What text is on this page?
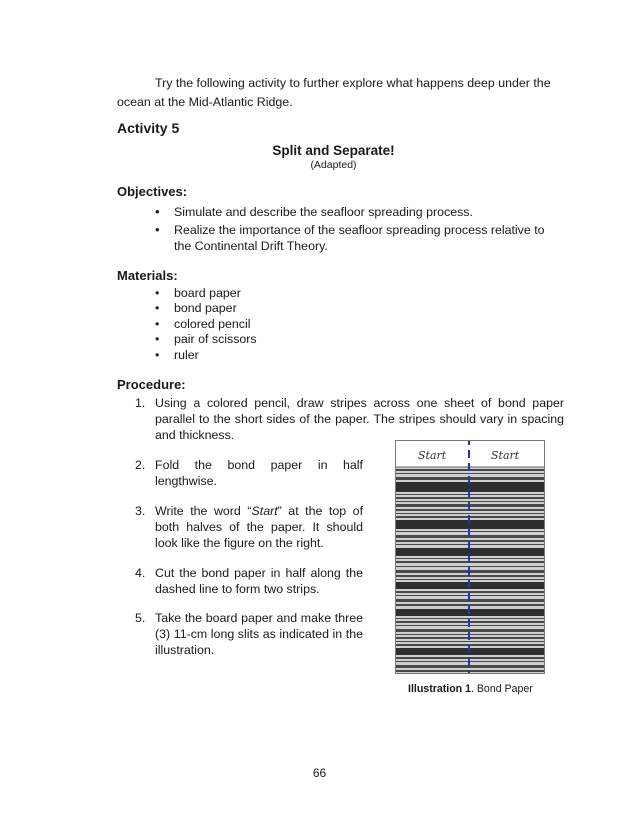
Try the following activity to further explore what happens deep under the ocean at the Mid-Atlantic Ridge.
Activity 5
Split and Separate!
(Adapted)
Objectives:
• Simulate and describe the seafloor spreading process.
• Realize the importance of the seafloor spreading process relative to the Continental Drift Theory.
Materials:
• board paper
• bond paper
• colored pencil
• pair of scissors
• ruler
Procedure:
1. Using a colored pencil, draw stripes across one sheet of bond paper parallel to the short sides of the paper. The stripes should vary in spacing and thickness.
2. Fold the bond paper in half lengthwise.
3. Write the word “Start” at the top of both halves of the paper. It should look like the figure on the right.
4. Cut the bond paper in half along the dashed line to form two strips.
5. Take the board paper and make three (3) 11-cm long slits as indicated in the illustration.
Start	Start
Illustration 1. Bond Paper
66
